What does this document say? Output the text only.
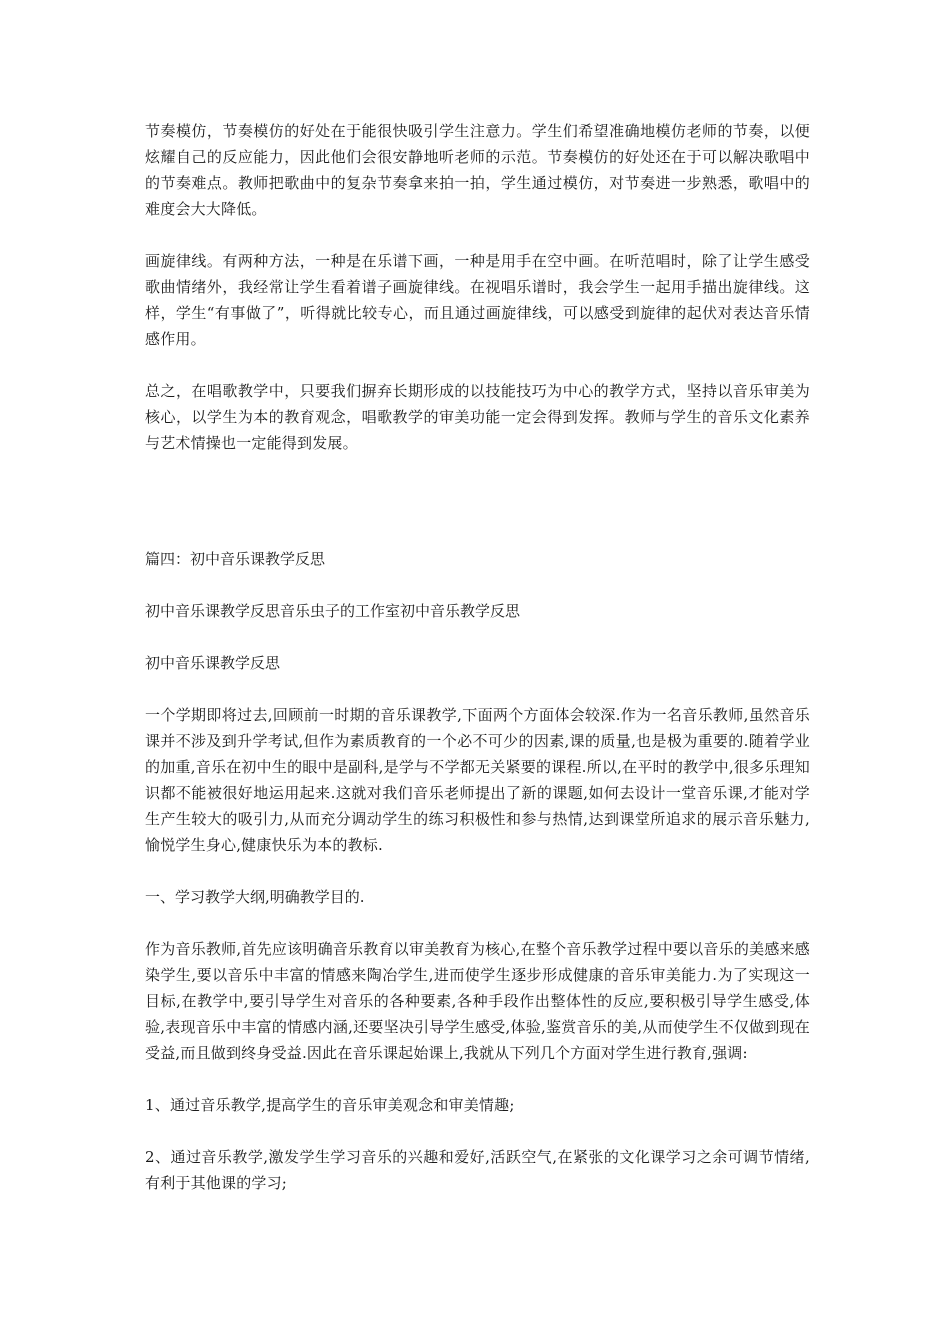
节奏模仿，节奏模仿的好处在于能很快吸引学生注意力。学生们希望准确地模仿老师的节奏，以便炫耀自己的反应能力，因此他们会很安静地听老师的示范。节奏模仿的好处还在于可以解决歌唱中的节奏难点。教师把歌曲中的复杂节奏拿来拍一拍，学生通过模仿，对节奏进一步熟悉，歌唱中的难度会大大降低。

画旋律线。有两种方法，一种是在乐谱下画，一种是用手在空中画。在听范唱时，除了让学生感受歌曲情绪外，我经常让学生看着谱子画旋律线。在视唱乐谱时，我会学生一起用手描出旋律线。这样，学生“有事做了”，听得就比较专心，而且通过画旋律线，可以感受到旋律的起伏对表达音乐情感作用。

总之，在唱歌教学中，只要我们摒弃长期形成的以技能技巧为中心的教学方式，坚持以音乐审美为核心，以学生为本的教育观念，唱歌教学的审美功能一定会得到发挥。教师与学生的音乐文化素养与艺术情操也一定能得到发展。

篇四：初中音乐课教学反思

初中音乐课教学反思音乐虫子的工作室初中音乐教学反思

初中音乐课教学反思

一个学期即将过去,回顾前一时期的音乐课教学,下面两个方面体会较深.作为一名音乐教师,虽然音乐课并不涉及到升学考试,但作为素质教育的一个必不可少的因素,课的质量,也是极为重要的.随着学业的加重,音乐在初中生的眼中是副科,是学与不学都无关紧要的课程.所以,在平时的教学中,很多乐理知识都不能被很好地运用起来.这就对我们音乐老师提出了新的课题,如何去设计一堂音乐课,才能对学生产生较大的吸引力,从而充分调动学生的练习积极性和参与热情,达到课堂所追求的展示音乐魅力,愉悦学生身心,健康快乐为本的教标.

一、学习教学大纲,明确教学目的.

作为音乐教师,首先应该明确音乐教育以审美教育为核心,在整个音乐教学过程中要以音乐的美感来感染学生,要以音乐中丰富的情感来陶冶学生,进而使学生逐步形成健康的音乐审美能力.为了实现这一目标,在教学中,要引导学生对音乐的各种要素,各种手段作出整体性的反应,要积极引导学生感受,体验,表现音乐中丰富的情感内涵,还要坚决引导学生感受,体验,鉴赏音乐的美,从而使学生不仅做到现在受益,而且做到终身受益.因此在音乐课起始课上,我就从下列几个方面对学生进行教育,强调:

1、通过音乐教学,提高学生的音乐审美观念和审美情趣;

2、通过音乐教学,激发学生学习音乐的兴趣和爱好,活跃空气,在紧张的文化课学习之余可调节情绪,有利于其他课的学习;
